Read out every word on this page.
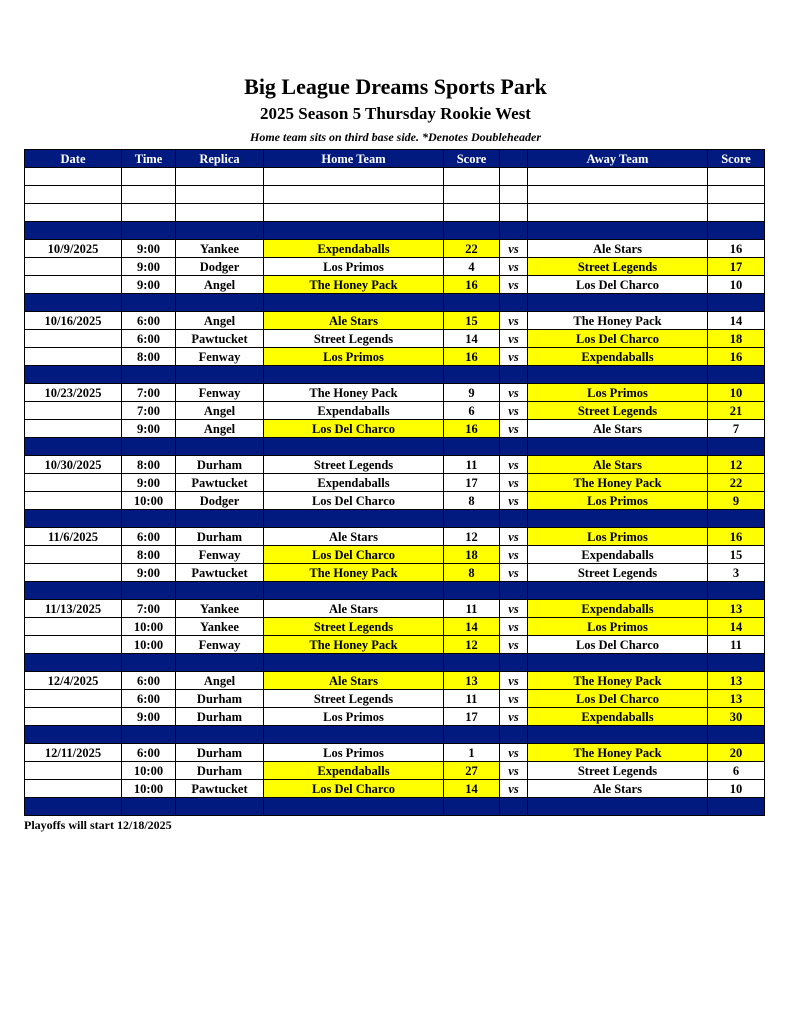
Big League Dreams Sports Park
2025 Season 5 Thursday Rookie West
Home team sits on third base side. *Denotes Doubleheader
Date	Time	Replica	Home Team	Score		Away Team	Score

10/9/2025	9:00	Yankee	Expendaballs	22	vs	Ale Stars	16
	9:00	Dodger	Los Primos	4	vs	Street Legends	17
	9:00	Angel	The Honey Pack	16	vs	Los Del Charco	10

10/16/2025	6:00	Angel	Ale Stars	15	vs	The Honey Pack	14
	6:00	Pawtucket	Street Legends	14	vs	Los Del Charco	18
	8:00	Fenway	Los Primos	16	vs	Expendaballs	16

10/23/2025	7:00	Fenway	The Honey Pack	9	vs	Los Primos	10
	7:00	Angel	Expendaballs	6	vs	Street Legends	21
	9:00	Angel	Los Del Charco	16	vs	Ale Stars	7

10/30/2025	8:00	Durham	Street Legends	11	vs	Ale Stars	12
	9:00	Pawtucket	Expendaballs	17	vs	The Honey Pack	22
	10:00	Dodger	Los Del Charco	8	vs	Los Primos	9

11/6/2025	6:00	Durham	Ale Stars	12	vs	Los Primos	16
	8:00	Fenway	Los Del Charco	18	vs	Expendaballs	15
	9:00	Pawtucket	The Honey Pack	8	vs	Street Legends	3

11/13/2025	7:00	Yankee	Ale Stars	11	vs	Expendaballs	13
	10:00	Yankee	Street Legends	14	vs	Los Primos	14
	10:00	Fenway	The Honey Pack	12	vs	Los Del Charco	11

12/4/2025	6:00	Angel	Ale Stars	13	vs	The Honey Pack	13
	6:00	Durham	Street Legends	11	vs	Los Del Charco	13
	9:00	Durham	Los Primos	17	vs	Expendaballs	30

12/11/2025	6:00	Durham	Los Primos	1	vs	The Honey Pack	20
	10:00	Durham	Expendaballs	27	vs	Street Legends	6
	10:00	Pawtucket	Los Del Charco	14	vs	Ale Stars	10

Playoffs will start 12/18/2025
